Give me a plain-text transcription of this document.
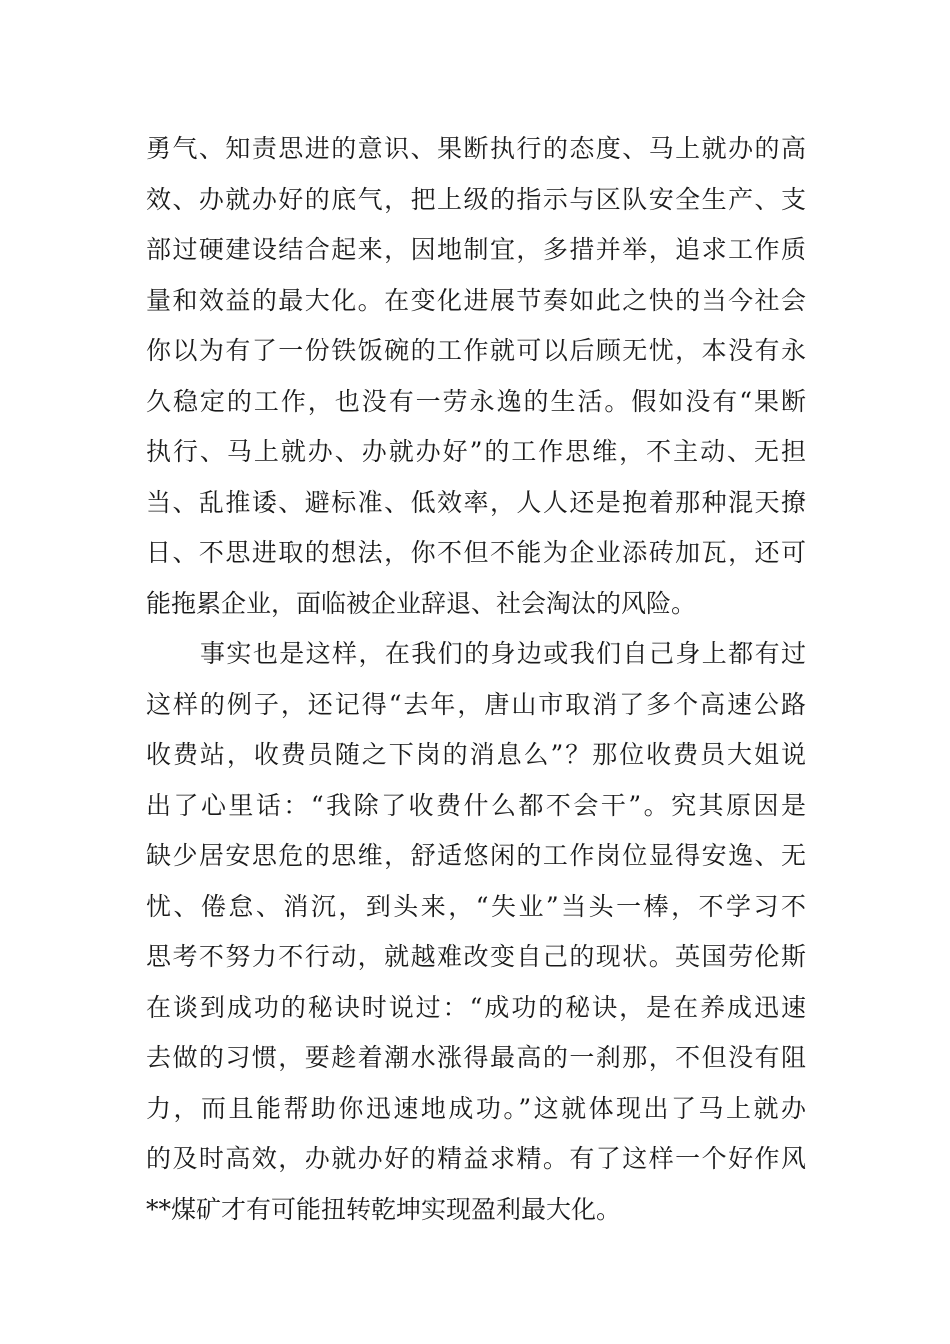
勇气、知责思进的意识、果断执行的态度、马上就办的高
效、办就办好的底气，把上级的指示与区队安全生产、支
部过硬建设结合起来，因地制宜，多措并举，追求工作质
量和效益的最大化。在变化进展节奏如此之快的当今社会
你以为有了一份铁饭碗的工作就可以后顾无忧，本没有永
久稳定的工作，也没有一劳永逸的生活。假如没有“果断
执行、马上就办、办就办好”的工作思维，不主动、无担
当、乱推诿、避标准、低效率，人人还是抱着那种混天撩
日、不思进取的想法，你不但不能为企业添砖加瓦，还可
能拖累企业，面临被企业辞退、社会淘汰的风险。
事实也是这样，在我们的身边或我们自己身上都有过
这样的例子，还记得“去年，唐山市取消了多个高速公路
收费站，收费员随之下岗的消息么”？那位收费员大姐说
出了心里话：“我除了收费什么都不会干”。究其原因是
缺少居安思危的思维，舒适悠闲的工作岗位显得安逸、无
忧、倦怠、消沉，到头来，“失业”当头一棒，不学习不
思考不努力不行动，就越难改变自己的现状。英国劳伦斯
在谈到成功的秘诀时说过：“成功的秘诀，是在养成迅速
去做的习惯，要趁着潮水涨得最高的一刹那，不但没有阻
力，而且能帮助你迅速地成功。”这就体现出了马上就办
的及时高效，办就办好的精益求精。有了这样一个好作风
**煤矿才有可能扭转乾坤实现盈利最大化。
